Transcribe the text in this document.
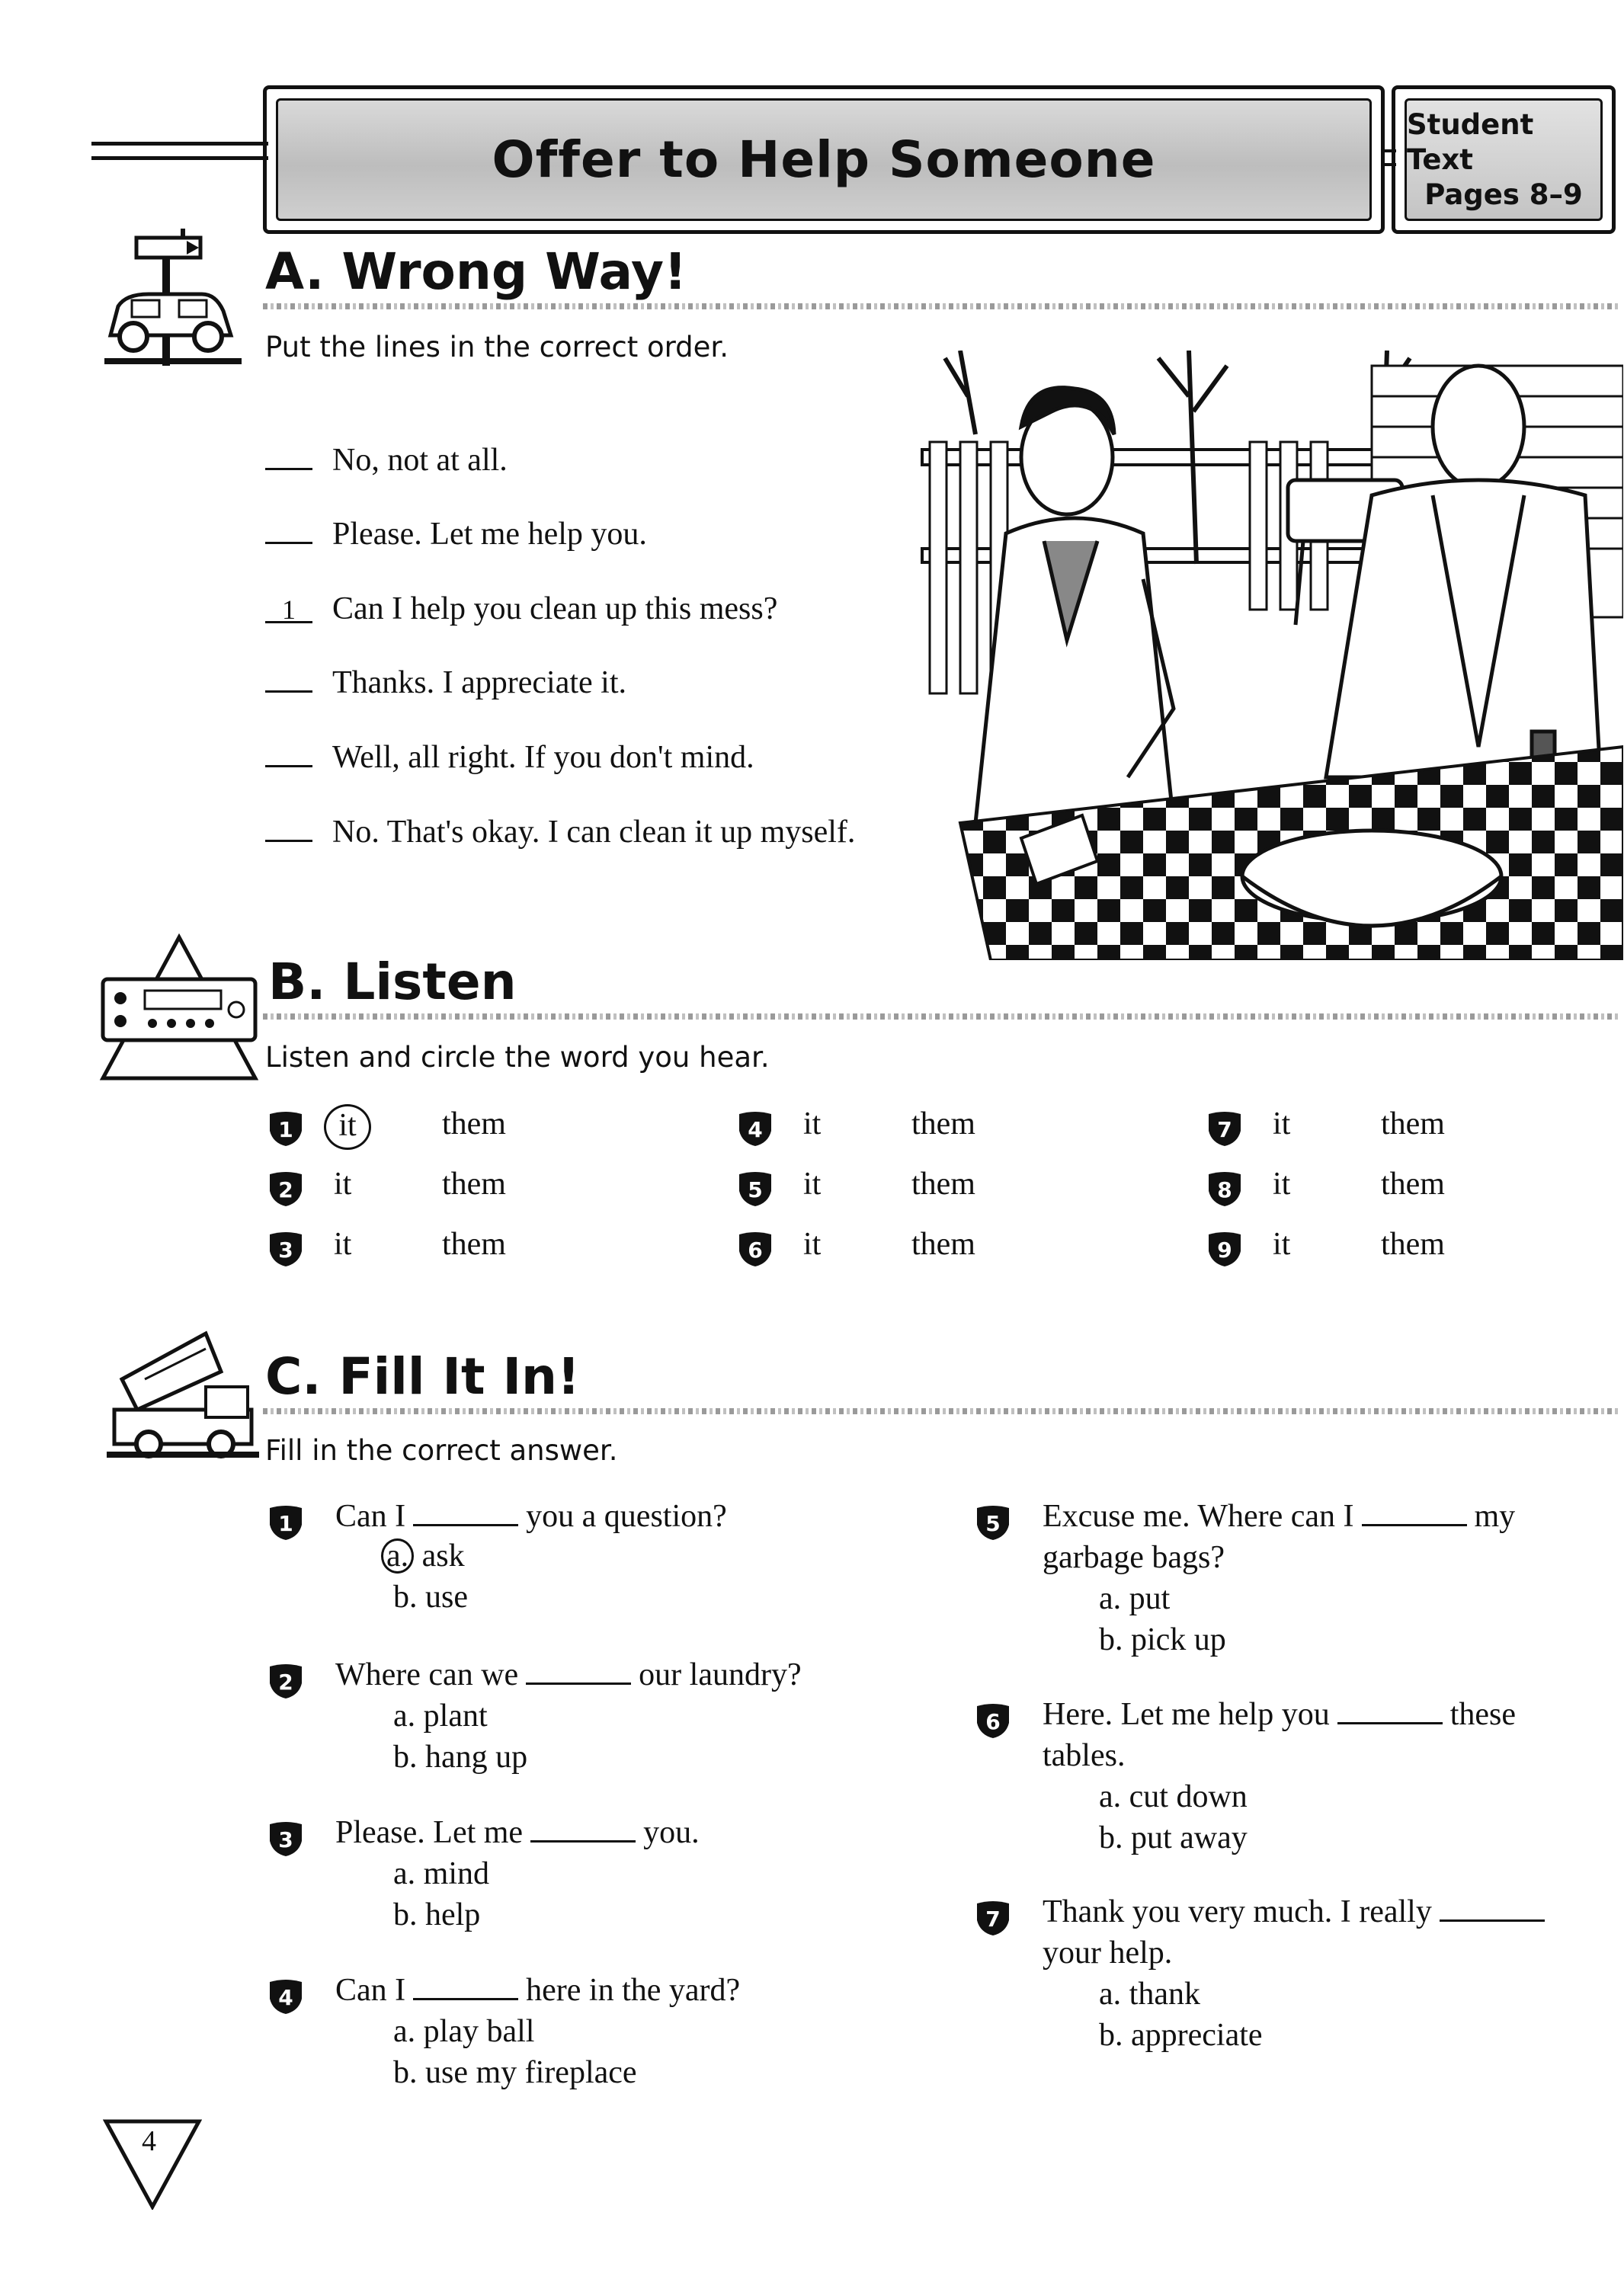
Offer to Help Someone
Student Text
Pages 8–9
A. Wrong Way!
Put the lines in the correct order.
No, not at all.
Please. Let me help you.
1 Can I help you clean up this mess?
Thanks. I appreciate it.
Well, all right. If you don't mind.
No. That's okay. I can clean it up myself.
B. Listen
Listen and circle the word you hear.
1	it	them
2 it	them
3 it	them
4 it	them
5 it	them
6 it	them
7 it	them
8 it	them
9 it	them
C. Fill It In!
Fill in the correct answer.
1 Can I	you a question?
a. ask
b. use
2 Where can we	our laundry?
a. plant
b. hang up
3 Please. Let me	you.
a. mind
b. help
4 Can I	here in the yard?
a. play ball
b. use my fireplace
5 Excuse me. Where can I	my
garbage bags?
a. put
b. pick up
6 Here. Let me help you	these
tables.
a. cut down
b. put away
7 Thank you very much. I really
your help.
a. thank
b. appreciate
4
